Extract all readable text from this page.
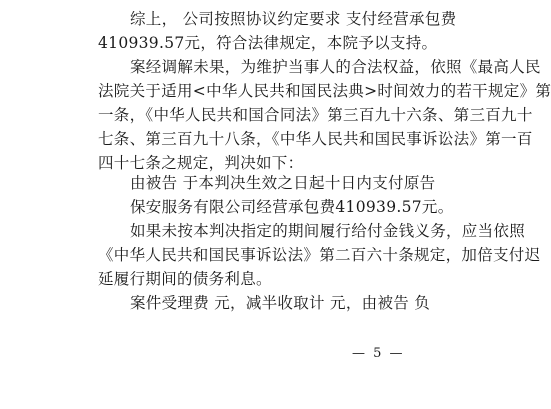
综上， 公司按照协议约定要求 支付经营承包费
410939.57元，符合法律规定，本院予以支持。
案经调解未果，为维护当事人的合法权益，依照《最高人民
法院关于适用<中华人民共和国民法典>时间效力的若干规定》第
一条，《中华人民共和国合同法》第三百九十六条、第三百九十
七条、第三百九十八条，《中华人民共和国民事诉讼法》第一百
四十七条之规定，判决如下：
由被告 于本判决生效之日起十日内支付原告
保安服务有限公司经营承包费410939.57元。
如果未按本判决指定的期间履行给付金钱义务，应当依照
《中华人民共和国民事诉讼法》第二百六十条规定，加倍支付迟
延履行期间的债务利息。
案件受理费 元，减半收取计 元，由被告 负
— 5 —
